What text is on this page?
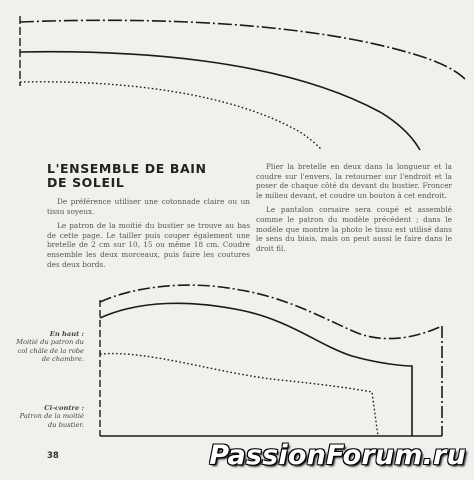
L'ENSEMBLE DE BAIN
DE SOLEIL

De préférence utiliser une cotonnade claire ou un tissu soyeux.

Le patron de la moitié du bustier se trouve au bas de cette page. Le tailler puis couper également une bretelle de 2 cm sur 10, 15 ou même 18 cm. Coudre ensemble les deux morceaux, puis faire les coutures des deux bords.

Plier la bretelle en deux dans la longueur et la coudre sur l'envers, la retourner sur l'endroit et la poser de chaque côté du devant du bustier. Froncer le milieu devant, et coudre un bouton à cet endroit.

Le pantalon corsaire sera coupé et assemblé comme le patron du modèle précédent ; dans le modèle que montre la photo le tissu est utilisé dans le sens du biais, mais on peut aussi le faire dans le droit fil.

En haut :
Moitié du patron du col châle de la robe de chambre.
Ci-contre :
Patron de la moitié du bustier.
38	PassionForum.ru
